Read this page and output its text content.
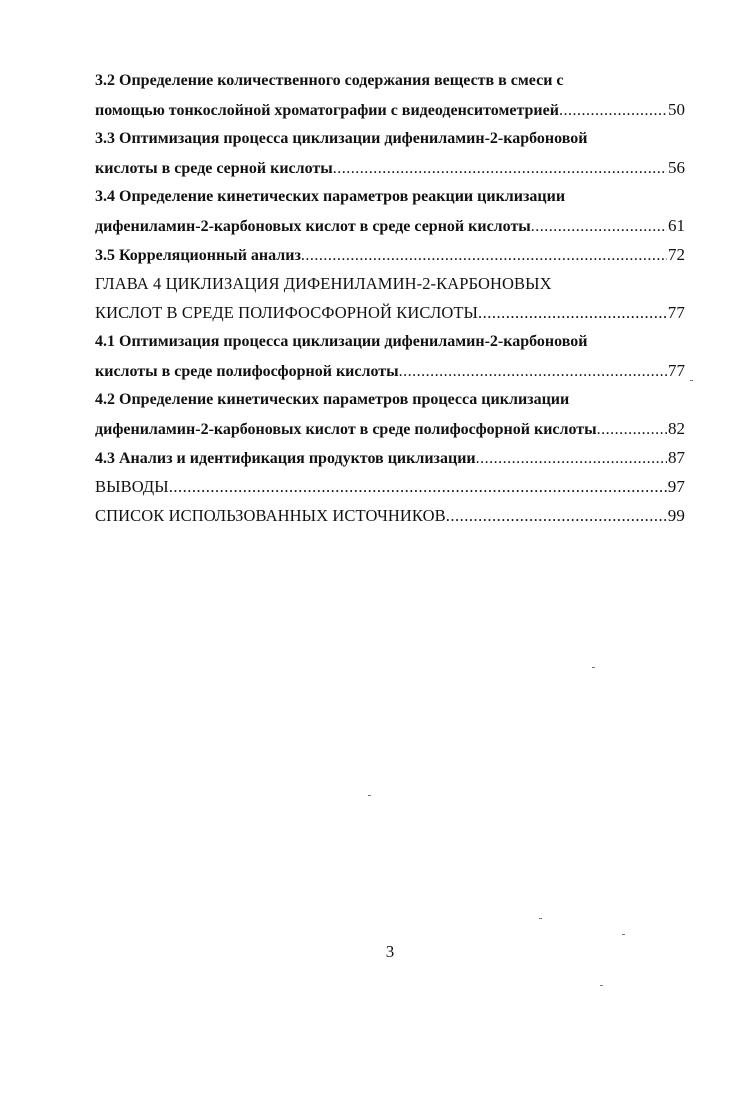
3.2 Определение количественного содержания веществ в смеси с
помощью тонкослойной хроматографии с видеоденситометрией .....	50
3.3 Оптимизация процесса циклизации дифениламин-2-карбоновой
кислоты в среде серной кислоты .....	56
3.4 Определение кинетических параметров реакции циклизации
дифениламин-2-карбоновых кислот в среде серной кислоты .....	61
3.5 Корреляционный анализ .....	72
ГЛАВА 4 ЦИКЛИЗАЦИЯ ДИФЕНИЛАМИН-2-КАРБОНОВЫХ
КИСЛОТ В СРЕДЕ ПОЛИФОСФОРНОЙ КИСЛОТЫ .....	77
4.1 Оптимизация процесса циклизации дифениламин-2-карбоновой
кислоты в среде полифосфорной кислоты .....	77
4.2 Определение кинетических параметров процесса циклизации
дифениламин-2-карбоновых кислот в среде полифосфорной кислоты .....	82
4.3 Анализ и идентификация продуктов циклизации .....	87
ВЫВОДЫ .....	97
СПИСОК ИСПОЛЬЗОВАННЫХ ИСТОЧНИКОВ .....	99
3
